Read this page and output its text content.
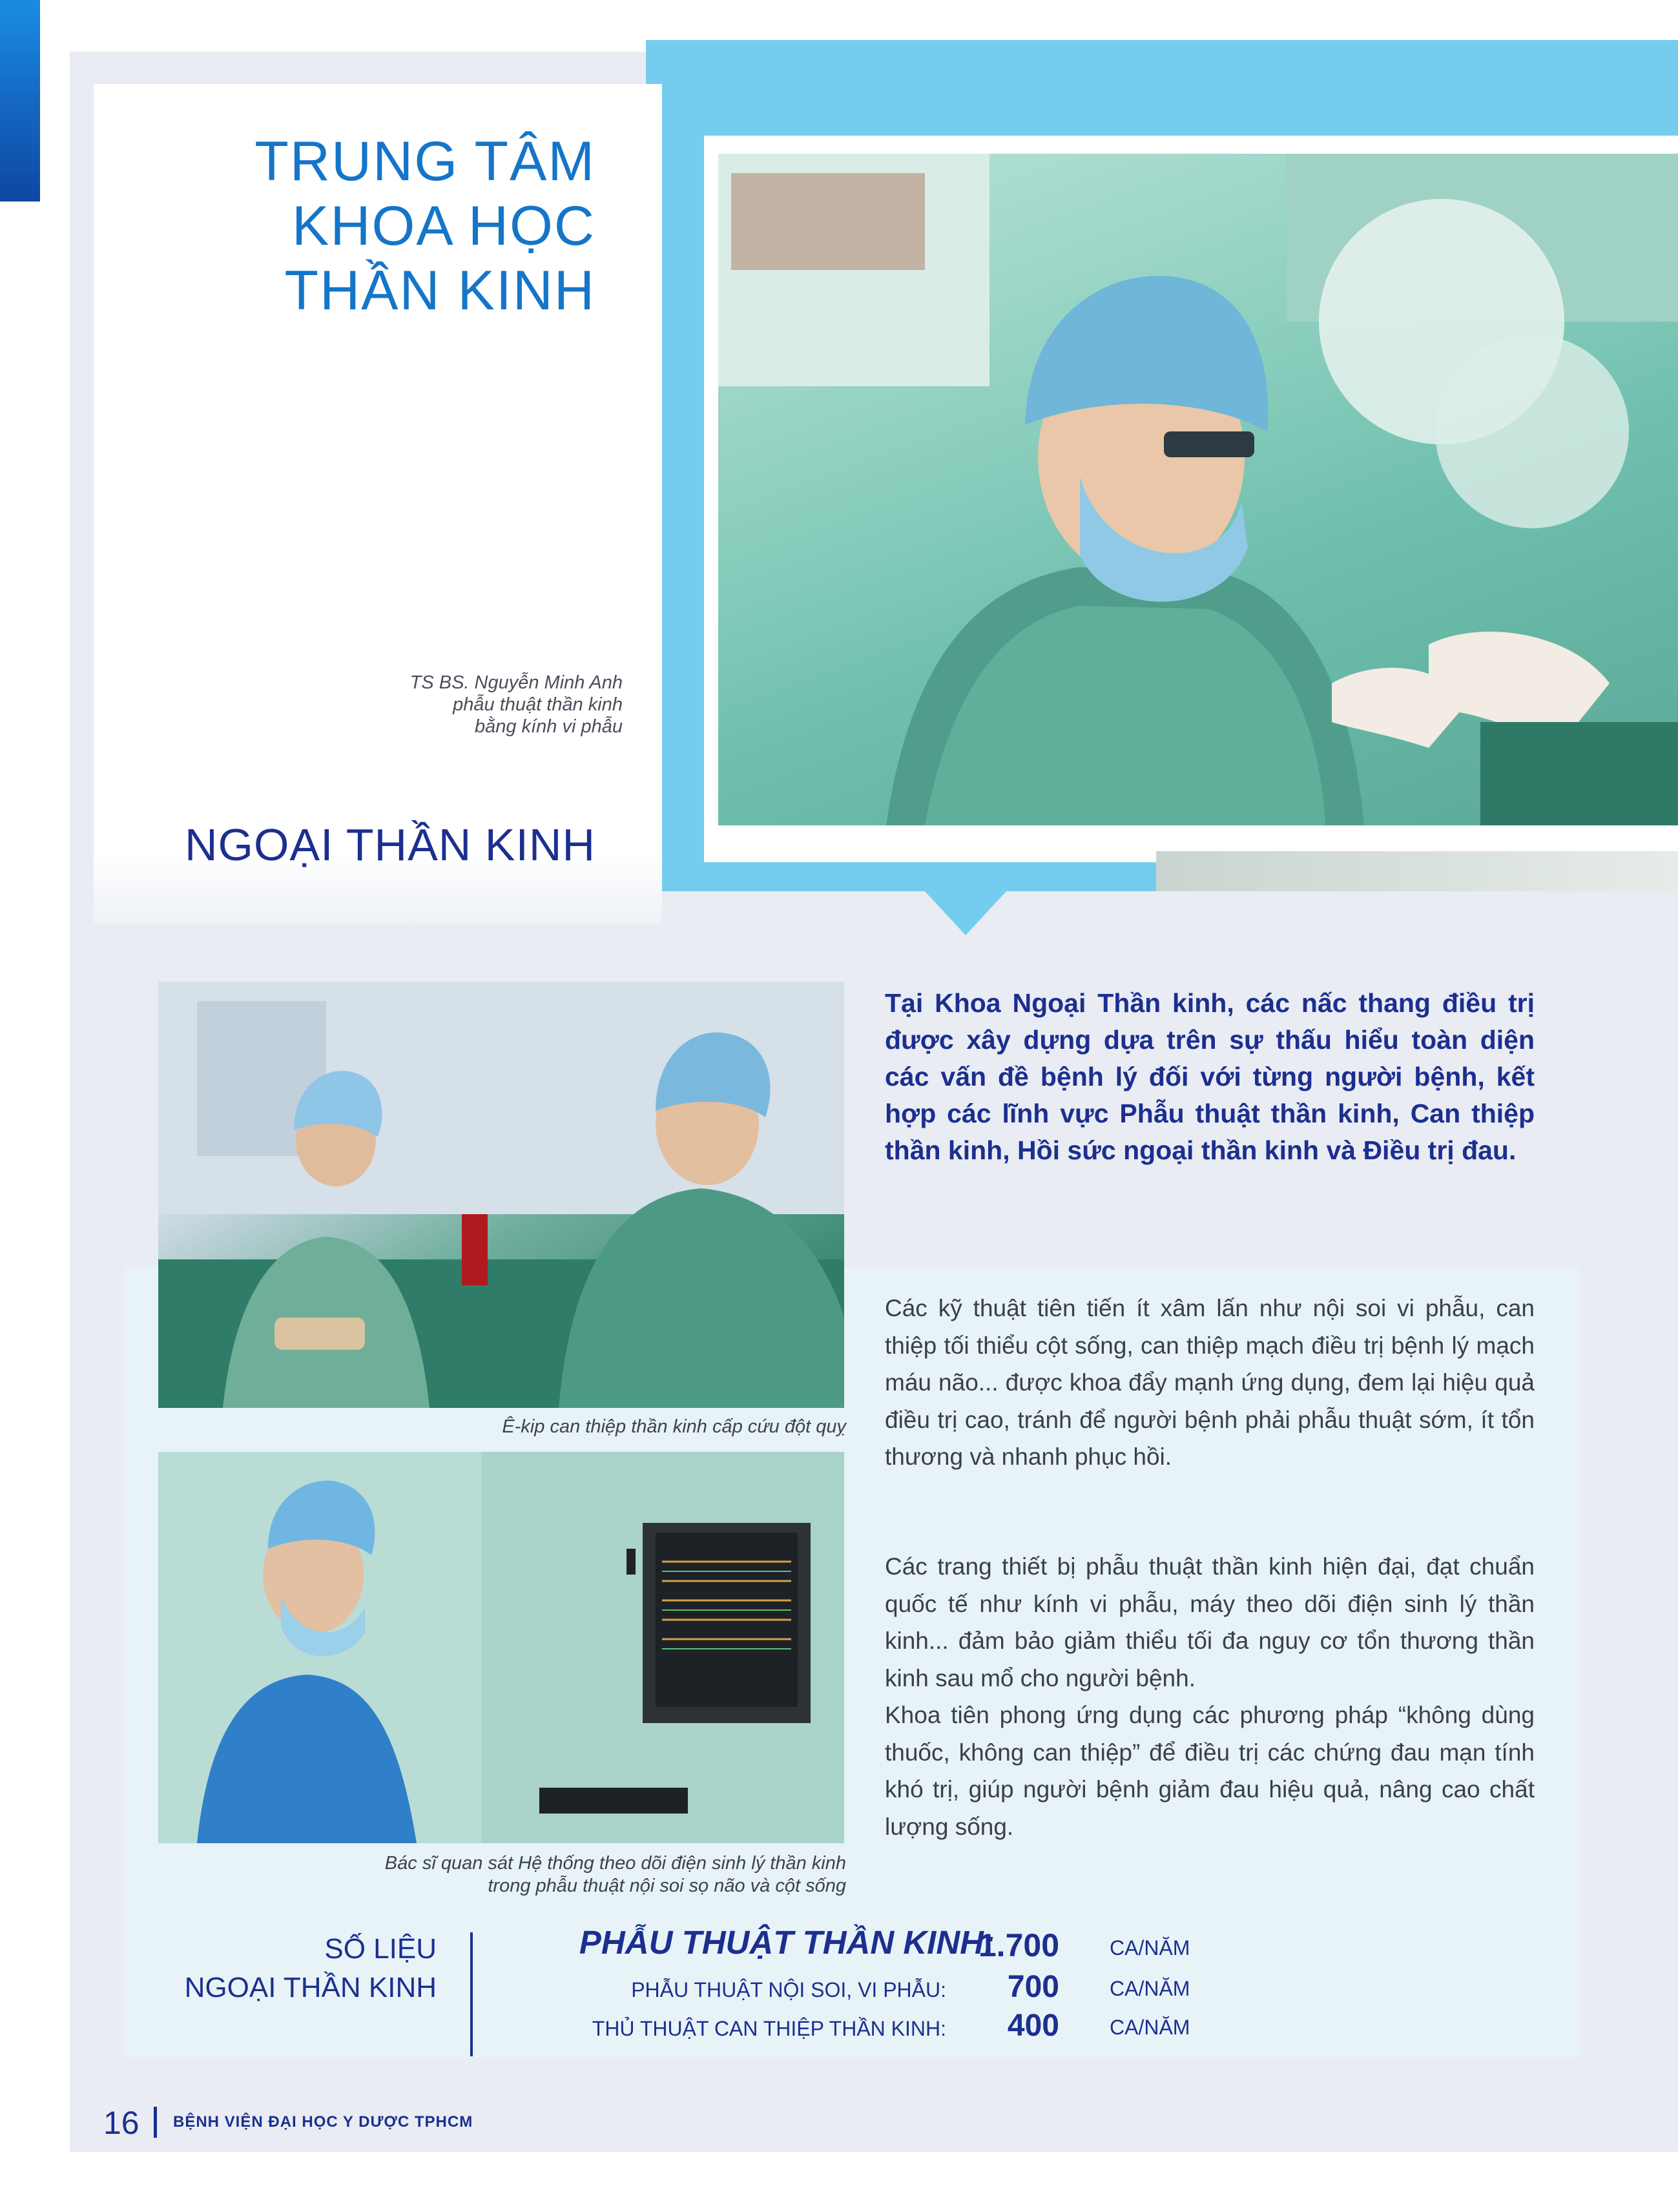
TRUNG TÂM
KHOA HỌC
THẦN KINH
TS BS. Nguyễn Minh Anh
phẫu thuật thần kinh
bằng kính vi phẫu
NGOẠI THẦN KINH
Ê-kip can thiệp thần kinh cấp cứu đột quỵ
Bác sĩ quan sát Hệ thống theo dõi điện sinh lý thần kinh
trong phẫu thuật nội soi sọ não và cột sống
Tại Khoa Ngoại Thần kinh, các nấc thang điều trị được xây dựng dựa trên sự thấu hiểu toàn diện các vấn đề bệnh lý đối với từng người bệnh, kết hợp các lĩnh vực Phẫu thuật thần kinh, Can thiệp thần kinh, Hồi sức ngoại thần kinh và Điều trị đau.
Các kỹ thuật tiên tiến ít xâm lấn như nội soi vi phẫu, can thiệp tối thiểu cột sống, can thiệp mạch điều trị bệnh lý mạch máu não... được khoa đẩy mạnh ứng dụng, đem lại hiệu quả điều trị cao, tránh để người bệnh phải phẫu thuật sớm, ít tổn thương và nhanh phục hồi.
Các trang thiết bị phẫu thuật thần kinh hiện đại, đạt chuẩn quốc tế như kính vi phẫu, máy theo dõi điện sinh lý thần kinh... đảm bảo giảm thiểu tối đa nguy cơ tổn thương thần kinh sau mổ cho người bệnh.
Khoa tiên phong ứng dụng các phương pháp “không dùng thuốc, không can thiệp” để điều trị các chứng đau mạn tính khó trị, giúp người bệnh giảm đau hiệu quả, nâng cao chất lượng sống.
SỐ LIỆU
NGOẠI THẦN KINH
PHẪU THUẬT THẦN KINH:
1.700 CA/NĂM
PHẪU THUẬT NỘI SOI, VI PHẪU: 700 CA/NĂM
THỦ THUẬT CAN THIỆP THẦN KINH: 400 CA/NĂM
16 BỆNH VIỆN ĐẠI HỌC Y DƯỢC TPHCM
